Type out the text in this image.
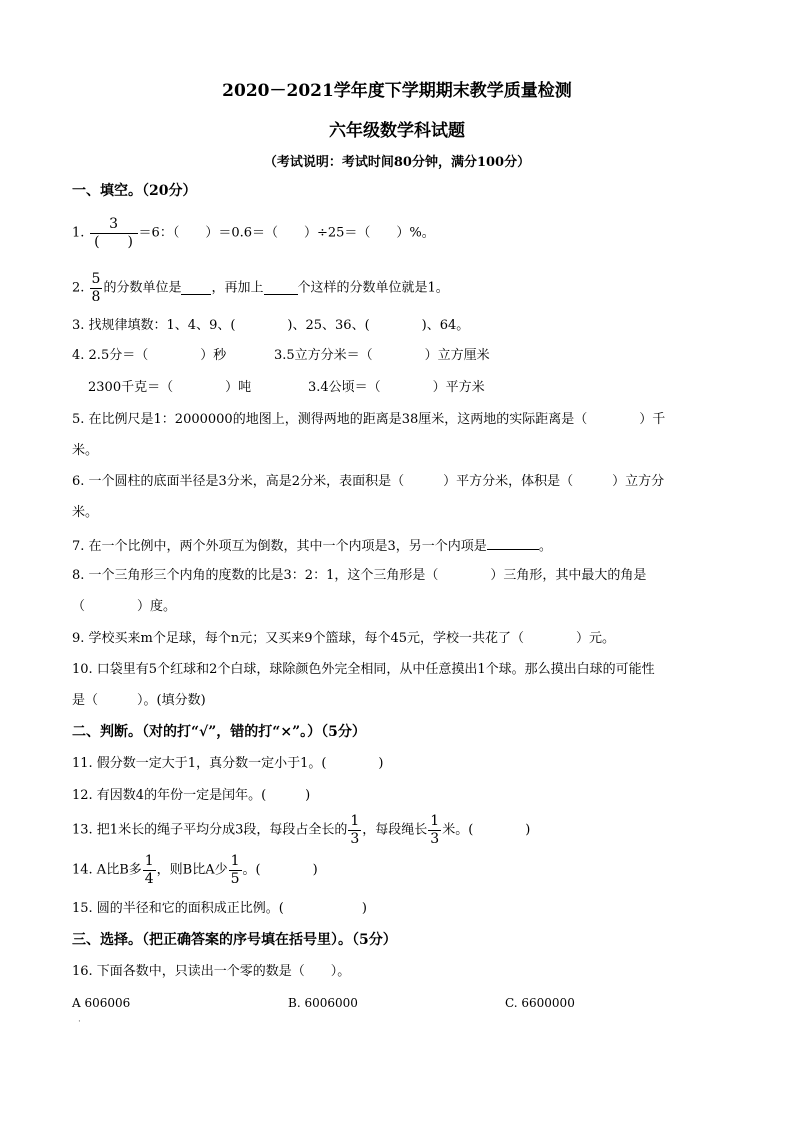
2020－2021学年度下学期期末教学质量检测
六年级数学科试题
（考试说明：考试时间80分钟，满分100分）
一、填空。（20分）
1. $\frac{3}{( )} =6$：（　　）＝0.6＝（　　）÷25＝（　　）%。
2. $\frac{5}{8}$ 的分数单位是 ，再加上	个这样的分数单位就是1。
3. 找规律填数：1、4、9、(　　　　)、25、36、(　　　　)、64。
4. 2.5分＝（　　　　）秒	3.5立方分米＝（　　　　）立方厘米
2300千克＝（　　　　）吨	3.4公顷＝（　　　　）平方米
5. 在比例尺是1：2000000的地图上，测得两地的距离是38厘米，这两地的实际距离是（　　　　）千
米。
6. 一个圆柱的底面半径是3分米，高是2分米，表面积是（　　　）平方分米，体积是（　　　）立方分
米。
7. 在一个比例中，两个外项互为倒数，其中一个内项是3，另一个内项是	。
8. 一个三角形三个内角的度数的比是3：2：1，这个三角形是（　　　　）三角形，其中最大的角是
（　　　　）度。
9. 学校买来m个足球，每个n元；又买来9个篮球，每个45元，学校一共花了（　　　　）元。
10. 口袋里有5个红球和2个白球，球除颜色外完全相同，从中任意摸出1个球。那么摸出白球的可能性
是（　　　）。(填分数)
二、判断。（对的打“√”，错的打“×”。）（5分）
11. 假分数一定大于1，真分数一定小于1。(　　　　)
12. 有因数4的年份一定是闰年。(　　　)
13. 把1米长的绳子平均分成3段，每段占全长的 $\frac{1}{3}$ ，每段绳长 $\frac{1}{3}$ 米。(　　　　)
14. A比B多 $\frac{1}{4}$ ，则B比A少 $\frac{1}{5}$ 。(　　　　)
15. 圆的半径和它的面积成正比例。(　　　　　　)
三、选择。（把正确答案的序号填在括号里）。（5分）
16. 下面各数中，只读出一个零的数是（　　）。
A 606006	B. 6006000	C. 6600000
·
